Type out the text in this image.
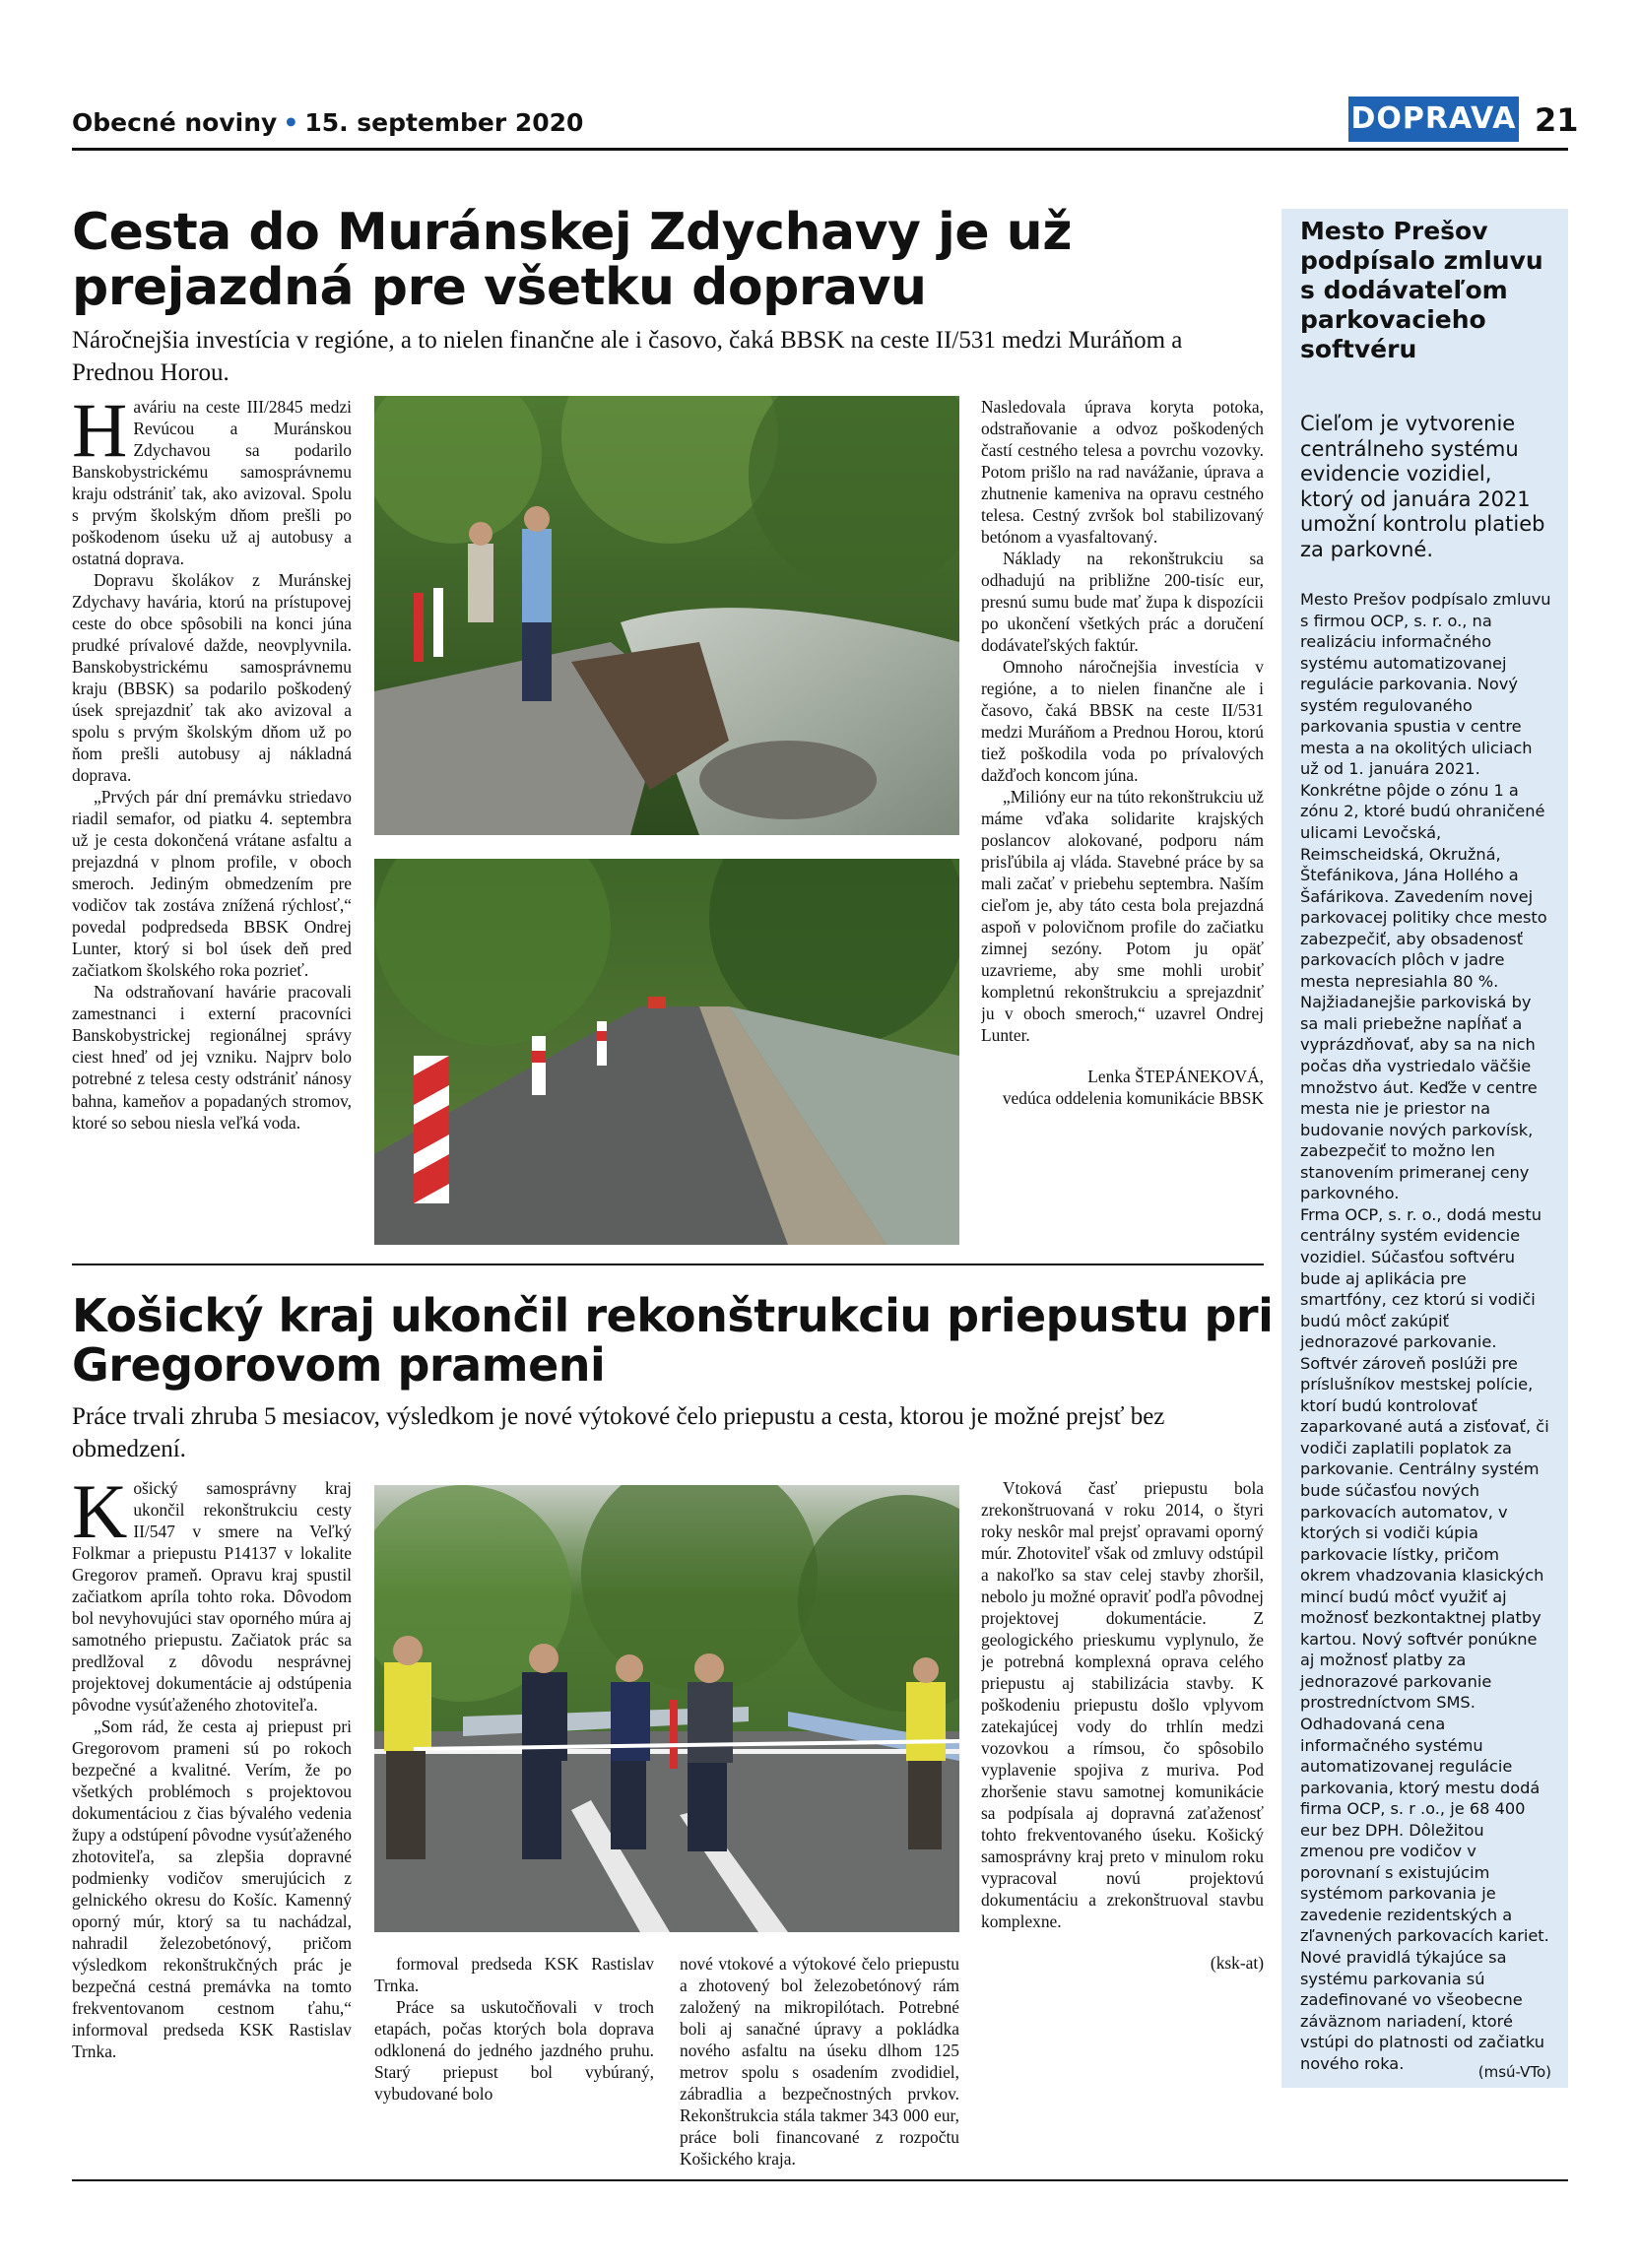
Obecné noviny • 15. september 2020	DOPRAVA 21
Cesta do Muránskej Zdychavy je už prejazdná pre všetku dopravu
Náročnejšia investícia v regióne, a to nielen finančne ale i časovo, čaká BBSK na ceste II/531 medzi Muráňom a Prednou Horou.

Haváriu na ceste III/2845 medzi Revúcou a Muránskou Zdychavou sa podarilo Banskobystrickému samosprávnemu kraju odstrániť tak, ako avizoval. Spolu s prvým školským dňom prešli po poškodenom úseku už aj autobusy a ostatná doprava.

Dopravu školákov z Muránskej Zdychavy havária, ktorú na prístupovej ceste do obce spôsobili na konci júna prudké prívalové dažde, neovplyvnila. Banskobystrickému samosprávnemu kraju (BBSK) sa podarilo poškodený úsek sprejazdniť tak ako avizoval a spolu s prvým školským dňom už po ňom prešli autobusy aj nákladná doprava.

„Prvých pár dní premávku striedavo riadil semafor, od piatku 4. septembra už je cesta dokončená vrátane asfaltu a prejazdná v plnom profile, v oboch smeroch. Jediným obmedzením pre vodičov tak zostáva znížená rýchlosť,“ povedal podpredseda BBSK Ondrej Lunter, ktorý si bol úsek deň pred začiatkom školského roka pozrieť.

Na odstraňovaní havárie pracovali zamestnanci i externí pracovníci Banskobystrickej regionálnej správy ciest hneď od jej vzniku. Najprv bolo potrebné z telesa cesty odstrániť nánosy bahna, kameňov a popadaných stromov, ktoré so sebou niesla veľká voda.

Nasledovala úprava koryta potoka, odstraňovanie a odvoz poškodených častí cestného telesa a povrchu vozovky. Potom prišlo na rad navážanie, úprava a zhutnenie kameniva na opravu cestného telesa. Cestný zvršok bol stabilizovaný betónom a vyasfaltovaný.

Náklady na rekonštrukciu sa odhadujú na približne 200-tisíc eur, presnú sumu bude mať župa k dispozícii po ukončení všetkých prác a doručení dodávateľských faktúr.

Omnoho náročnejšia investícia v regióne, a to nielen finančne ale i časovo, čaká BBSK na ceste II/531 medzi Muráňom a Prednou Horou, ktorú tiež poškodila voda po prívalových dažďoch koncom júna.

„Milióny eur na túto rekonštrukciu už máme vďaka solidarite krajských poslancov alokované, podporu nám prisľúbila aj vláda. Stavebné práce by sa mali začať v priebehu septembra. Naším cieľom je, aby táto cesta bola prejazdná aspoň v polovičnom profile do začiatku zimnej sezóny. Potom ju opäť uzavrieme, aby sme mohli urobiť kompletnú rekonštrukciu a sprejazdniť ju v oboch smeroch,“ uzavrel Ondrej Lunter.

Lenka ŠTEPÁNEKOVÁ,
vedúca oddelenia komunikácie BBSK

Košický kraj ukončil rekonštrukciu priepustu pri Gregorovom prameni
Práce trvali zhruba 5 mesiacov, výsledkom je nové výtokové čelo priepustu a cesta, ktorou je možné prejsť bez obmedzení.

Košický samosprávny kraj ukončil rekonštrukciu cesty II/547 v smere na Veľký Folkmar a priepustu P14137 v lokalite Gregorov prameň. Opravu kraj spustil začiatkom apríla tohto roka. Dôvodom bol nevyhovujúci stav oporného múra aj samotného priepustu. Začiatok prác sa predlžoval z dôvodu nesprávnej projektovej dokumentácie aj odstúpenia pôvodne vysúťaženého zhotoviteľa.

„Som rád, že cesta aj priepust pri Gregorovom prameni sú po rokoch bezpečné a kvalitné. Verím, že po všetkých problémoch s projektovou dokumentáciou z čias bývalého vedenia župy a odstúpení pôvodne vysúťaženého zhotoviteľa, sa zlepšia dopravné podmienky vodičov smerujúcich z gelnického okresu do Košíc. Kamenný oporný múr, ktorý sa tu nachádzal, nahradil železobetónový, pričom výsledkom rekonštrukčných prác je bezpečná cestná premávka na tomto frekventovanom cestnom ťahu,“ informoval predseda KSK Rastislav Trnka.

formoval predseda KSK Rastislav Trnka.

Práce sa uskutočňovali v troch etapách, počas ktorých bola doprava odklonená do jedného jazdného pruhu. Starý priepust bol vybúraný, vybudované bolo

nové vtokové a výtokové čelo priepustu a zhotovený bol železobetónový rám založený na mikropilótach. Potrebné boli aj sanačné úpravy a pokládka nového asfaltu na úseku dlhom 125 metrov spolu s osadením zvodidiel, zábradlia a bezpečnostných prvkov. Rekonštrukcia stála takmer 343 000 eur, práce boli financované z rozpočtu Košického kraja.

Vtoková časť priepustu bola zrekonštruovaná v roku 2014, o štyri roky neskôr mal prejsť opravami oporný múr. Zhotoviteľ však od zmluvy odstúpil a nakoľko sa stav celej stavby zhoršil, nebolo ju možné opraviť podľa pôvodnej projektovej dokumentácie. Z geologického prieskumu vyplynulo, že je potrebná komplexná oprava celého priepustu aj stabilizácia stavby. K poškodeniu priepustu došlo vplyvom zatekajúcej vody do trhlín medzi vozovkou a rímsou, čo spôsobilo vyplavenie spojiva z muriva. Pod zhoršenie stavu samotnej komunikácie sa podpísala aj dopravná zaťaženosť tohto frekventovaného úseku. Košický samosprávny kraj preto v minulom roku vypracoval novú projektovú dokumentáciu a zrekonštruoval stavbu komplexne.

(ksk-at)

Mesto Prešov podpísalo zmluvu s dodávateľom parkovacieho softvéru
Cieľom je vytvorenie centrálneho systému evidencie vozidiel, ktorý od januára 2021 umožní kontrolu platieb za parkovné.
Mesto Prešov podpísalo zmluvu s firmou OCP, s. r. o., na realizáciu informačného systému automatizovanej regulácie parkovania. Nový systém regulovaného parkovania spustia v centre mesta a na okolitých uliciach už od 1. januára 2021. Konkrétne pôjde o zónu 1 a zónu 2, ktoré budú ohraničené ulicami Levočská, Reimscheidská, Okružná, Štefánikova, Jána Hollého a Šafárikova. Zavedením novej parkovacej politiky chce mesto zabezpečiť, aby obsadenosť parkovacích plôch v jadre mesta nepresiahla 80 %. Najžiadanejšie parkoviská by sa mali priebežne napĺňať a vyprázdňovať, aby sa na nich počas dňa vystriedalo väčšie množstvo áut. Keďže v centre mesta nie je priestor na budovanie nových parkovísk, zabezpečiť to možno len stanovením primeranej ceny parkovného.
Frma OCP, s. r. o., dodá mestu centrálny systém evidencie vozidiel. Súčasťou softvéru bude aj aplikácia pre smartfóny, cez ktorú si vodiči budú môcť zakúpiť jednorazové parkovanie. Softvér zároveň poslúži pre príslušníkov mestskej polície, ktorí budú kontrolovať zaparkované autá a zisťovať, či vodiči zaplatili poplatok za parkovanie. Centrálny systém bude súčasťou nových parkovacích automatov, v ktorých si vodiči kúpia parkovacie lístky, pričom okrem vhadzovania klasických mincí budú môcť využiť aj možnosť bezkontaktnej platby kartou. Nový softvér ponúkne aj možnosť platby za jednorazové parkovanie prostredníctvom SMS. Odhadovaná cena informačného systému automatizovanej regulácie parkovania, ktorý mestu dodá firma OCP, s. r .o., je 68 400 eur bez DPH. Dôležitou zmenou pre vodičov v porovnaní s existujúcim systémom parkovania je zavedenie rezidentských a zľavnených parkovacích kariet. Nové pravidlá týkajúce sa systému parkovania sú zadefinované vo všeobecne záväznom nariadení, ktoré vstúpi do platnosti od začiatku nového roka.	(msú-VTo)
